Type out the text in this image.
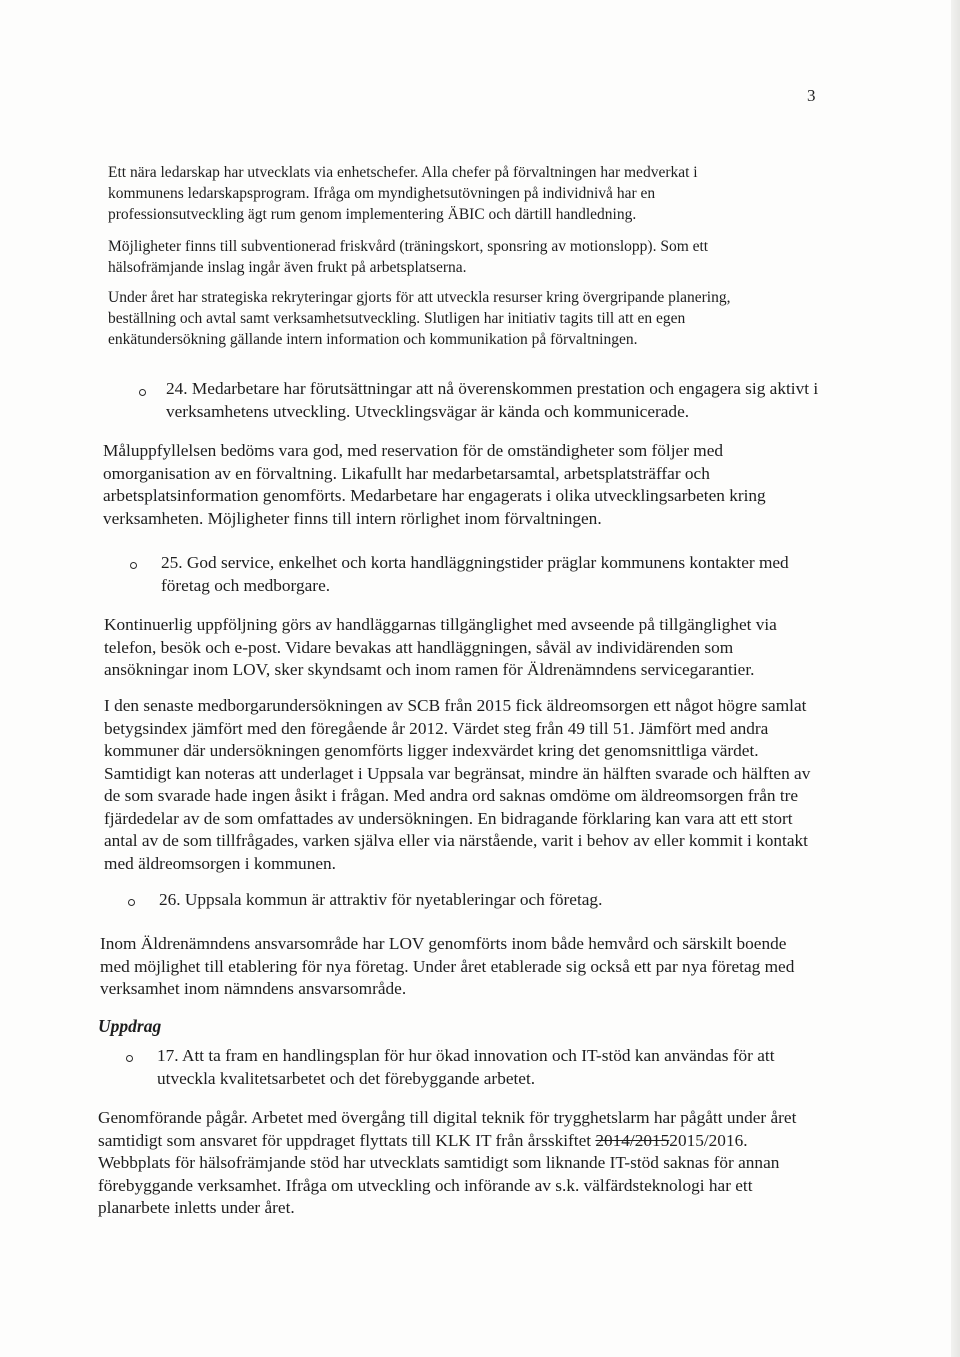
3
Ett nära ledarskap har utvecklats via enhetschefer. Alla chefer på förvaltningen har medverkat i
kommunens ledarskapsprogram. Ifråga om myndighetsutövningen på individnivå har en
professionsutveckling ägt rum genom implementering ÄBIC och därtill handledning.
Möjligheter finns till subventionerad friskvård (träningskort, sponsring av motionslopp). Som ett
hälsofrämjande inslag ingår även frukt på arbetsplatserna.
Under året har strategiska rekryteringar gjorts för att utveckla resurser kring övergripande planering,
beställning och avtal samt verksamhetsutveckling. Slutligen har initiativ tagits till att en egen
enkätundersökning gällande intern information och kommunikation på förvaltningen.
24. Medarbetare har förutsättningar att nå överenskommen prestation och engagera sig aktivt i
verksamhetens utveckling. Utvecklingsvägar är kända och kommunicerade.
Måluppfyllelsen bedöms vara god, med reservation för de omständigheter som följer med
omorganisation av en förvaltning. Likafullt har medarbetarsamtal, arbetsplatsträffar och
arbetsplatsinformation genomförts. Medarbetare har engagerats i olika utvecklingsarbeten kring
verksamheten. Möjligheter finns till intern rörlighet inom förvaltningen.
25. God service, enkelhet och korta handläggningstider präglar kommunens kontakter med
företag och medborgare.
Kontinuerlig uppföljning görs av handläggarnas tillgänglighet med avseende på tillgänglighet via
telefon, besök och e-post. Vidare bevakas att handläggningen, såväl av individärenden som
ansökningar inom LOV, sker skyndsamt och inom ramen för Äldrenämndens servicegarantier.
I den senaste medborgarundersökningen av SCB från 2015 fick äldreomsorgen ett något högre samlat
betygsindex jämfört med den föregående år 2012. Värdet steg från 49 till 51. Jämfört med andra
kommuner där undersökningen genomförts ligger indexvärdet kring det genomsnittliga värdet.
Samtidigt kan noteras att underlaget i Uppsala var begränsat, mindre än hälften svarade och hälften av
de som svarade hade ingen åsikt i frågan. Med andra ord saknas omdöme om äldreomsorgen från tre
fjärdedelar av de som omfattades av undersökningen. En bidragande förklaring kan vara att ett stort
antal av de som tillfrågades, varken själva eller via närstående, varit i behov av eller kommit i kontakt
med äldreomsorgen i kommunen.
26. Uppsala kommun är attraktiv för nyetableringar och företag.
Inom Äldrenämndens ansvarsområde har LOV genomförts inom både hemvård och särskilt boende
med möjlighet till etablering för nya företag. Under året etablerade sig också ett par nya företag med
verksamhet inom nämndens ansvarsområde.
Uppdrag
17. Att ta fram en handlingsplan för hur ökad innovation och IT-stöd kan användas för att
utveckla kvalitetsarbetet och det förebyggande arbetet.
Genomförande pågår. Arbetet med övergång till digital teknik för trygghetslarm har pågått under året
samtidigt som ansvaret för uppdraget flyttats till KLK IT från årsskiftet 2014/20152015/2016.
Webbplats för hälsofrämjande stöd har utvecklats samtidigt som liknande IT-stöd saknas för annan
förebyggande verksamhet. Ifråga om utveckling och införande av s.k. välfärdsteknologi har ett
planarbete inletts under året.
